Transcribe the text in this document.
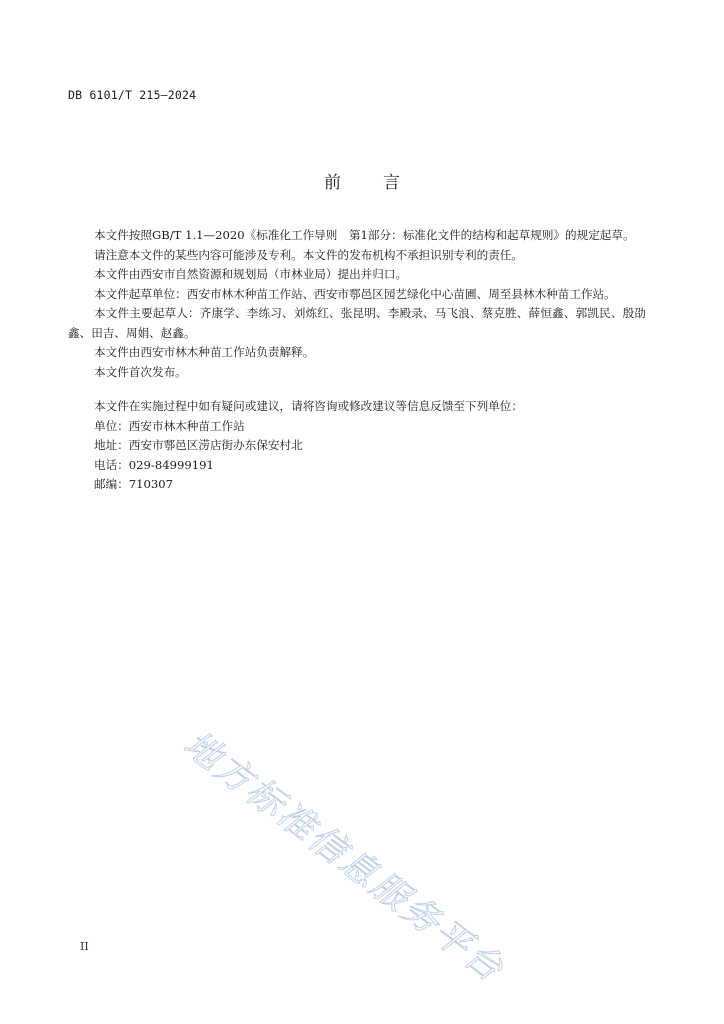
DB 6101/T 215—2024
前言

本文件按照GB/T 1.1—2020《标准化工作导则　第1部分：标准化文件的结构和起草规则》的规定起草。

请注意本文件的某些内容可能涉及专利。本文件的发布机构不承担识别专利的责任。

本文件由西安市自然资源和规划局（市林业局）提出并归口。

本文件起草单位：西安市林木种苗工作站、西安市鄠邑区园艺绿化中心苗圃、周至县林木种苗工作站。

本文件主要起草人：齐康学、李练习、刘炼红、张昆明、李殿录、马飞浪、蔡克胜、薛恒鑫、郭凯民、殷劭鑫、田吉、周娟、赵鑫。

本文件由西安市林木种苗工作站负责解释。

本文件首次发布。

本文件在实施过程中如有疑问或建议，请将咨询或修改建议等信息反馈至下列单位：

单位：西安市林木种苗工作站

地址：西安市鄠邑区涝店街办东保安村北

电话：029-84999191

邮编：710307

地方标准信息服务平台
II
